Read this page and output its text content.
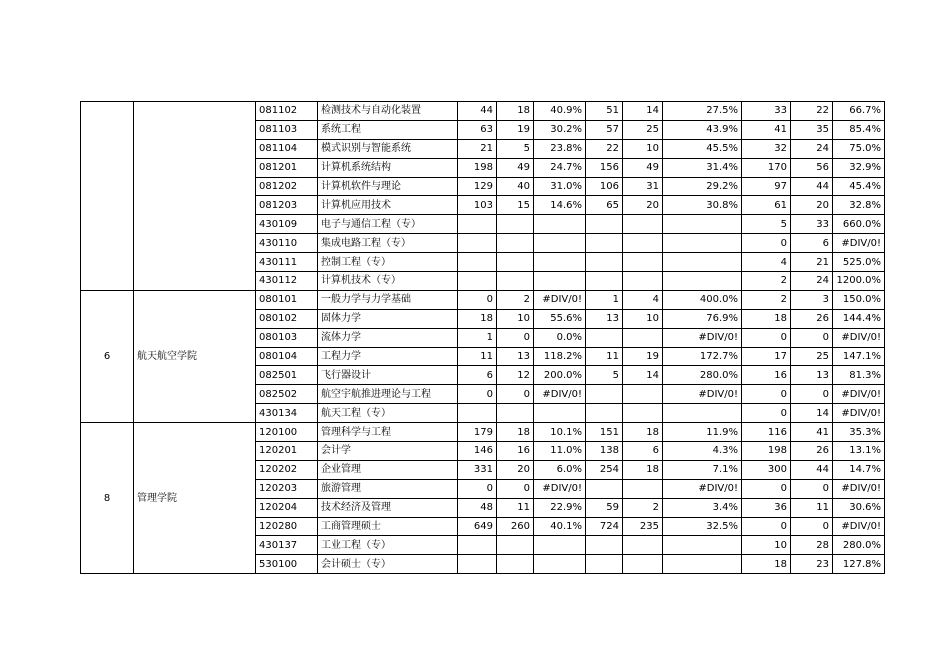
		081102	检测技术与自动化装置	44	18	40.9%	51	14	27.5%	33	22	66.7%
		081103	系统工程	63	19	30.2%	57	25	43.9%	41	35	85.4%
		081104	模式识别与智能系统	21	5	23.8%	22	10	45.5%	32	24	75.0%
		081201	计算机系统结构	198	49	24.7%	156	49	31.4%	170	56	32.9%
		081202	计算机软件与理论	129	40	31.0%	106	31	29.2%	97	44	45.4%
		081203	计算机应用技术	103	15	14.6%	65	20	30.8%	61	20	32.8%
		430109	电子与通信工程（专）							5	33	660.0%
		430110	集成电路工程（专）							0	6	#DIV/0!
		430111	控制工程（专）							4	21	525.0%
		430112	计算机技术（专）							2	24	1200.0%
6	航天航空学院	080101	一般力学与力学基础	0	2	#DIV/0!	1	4	400.0%	2	3	150.0%
		080102	固体力学	18	10	55.6%	13	10	76.9%	18	26	144.4%
		080103	流体力学	1	0	0.0%			#DIV/0!	0	0	#DIV/0!
		080104	工程力学	11	13	118.2%	11	19	172.7%	17	25	147.1%
		082501	飞行器设计	6	12	200.0%	5	14	280.0%	16	13	81.3%
		082502	航空宇航推进理论与工程	0	0	#DIV/0!			#DIV/0!	0	0	#DIV/0!
		430134	航天工程（专）							0	14	#DIV/0!
8	管理学院	120100	管理科学与工程	179	18	10.1%	151	18	11.9%	116	41	35.3%
		120201	会计学	146	16	11.0%	138	6	4.3%	198	26	13.1%
		120202	企业管理	331	20	6.0%	254	18	7.1%	300	44	14.7%
		120203	旅游管理	0	0	#DIV/0!			#DIV/0!	0	0	#DIV/0!
		120204	技术经济及管理	48	11	22.9%	59	2	3.4%	36	11	30.6%
		120280	工商管理硕士	649	260	40.1%	724	235	32.5%	0	0	#DIV/0!
		430137	工业工程（专）							10	28	280.0%
		530100	会计硕士（专）							18	23	127.8%
